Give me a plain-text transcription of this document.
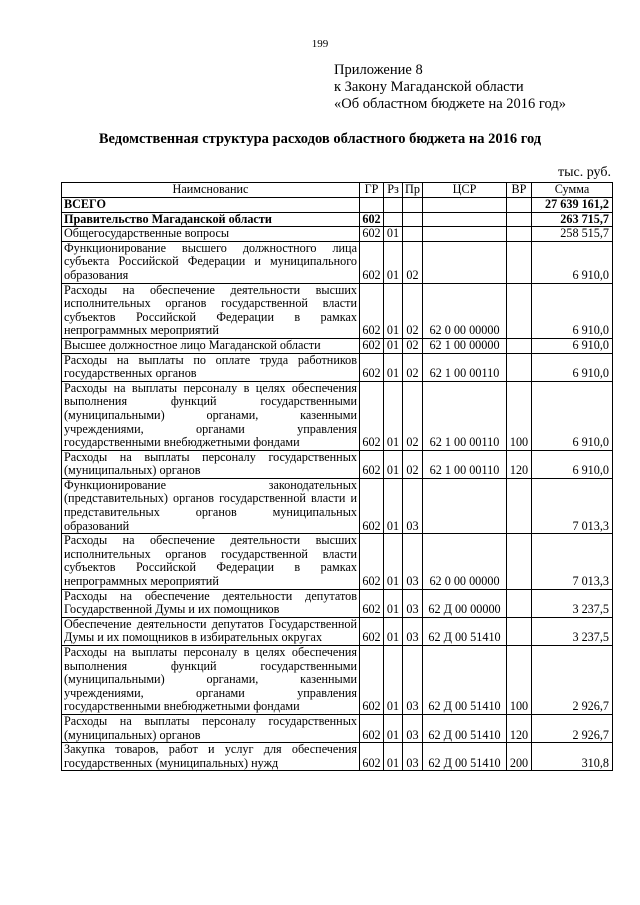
199
Приложение 8
к Закону Магаданской области
«Об областном бюджете на 2016 год»
Ведомственная структура расходов областного бюджета на 2016 год
тыс. руб.
Наимснованис	ГР	Рз	Пр	ЦСР	ВР	Сумма
ВСЕГО						27 639 161,2
Правительство Магаданской области	602					263 715,7
Общегосударственные вопросы	602	01				258 515,7
Функционирование высшего должностного лица субъекта Российской Федерации и муниципального образования	602	01	02			6 910,0
Расходы на обеспечение деятельности высших исполнительных органов государственной власти субъектов Российской Федерации в рамках непрограммных мероприятий	602	01	02	62 0 00 00000		6 910,0
Высшее должностное лицо Магаданской области	602	01	02	62 1 00 00000		6 910,0
Расходы на выплаты по оплате труда работников государственных органов	602	01	02	62 1 00 00110		6 910,0
Расходы на выплаты персоналу в целях обеспечения выполнения функций государственными (муниципальными) органами, казенными учреждениями, органами управления государственными внебюджетными фондами	602	01	02	62 1 00 00110	100	6 910,0
Расходы на выплаты персоналу государственных (муниципальных) органов	602	01	02	62 1 00 00110	120	6 910,0
Функционирование законодательных (представительных) органов государственной власти и представительных органов муниципальных образований	602	01	03			7 013,3
Расходы на обеспечение деятельности высших исполнительных органов государственной власти субъектов Российской Федерации в рамках непрограммных мероприятий	602	01	03	62 0 00 00000		7 013,3
Расходы на обеспечение деятельности депутатов Государственной Думы и их помощников	602	01	03	62 Д 00 00000		3 237,5
Обеспечение деятельности депутатов Государственной Думы и их помощников в избирательных округах	602	01	03	62 Д 00 51410		3 237,5
Расходы на выплаты персоналу в целях обеспечения выполнения функций государственными (муниципальными) органами, казенными учреждениями, органами управления государственными внебюджетными фондами	602	01	03	62 Д 00 51410	100	2 926,7
Расходы на выплаты персоналу государственных (муниципальных) органов	602	01	03	62 Д 00 51410	120	2 926,7
Закупка товаров, работ и услуг для обеспечения государственных (муниципальных) нужд	602	01	03	62 Д 00 51410	200	310,8
